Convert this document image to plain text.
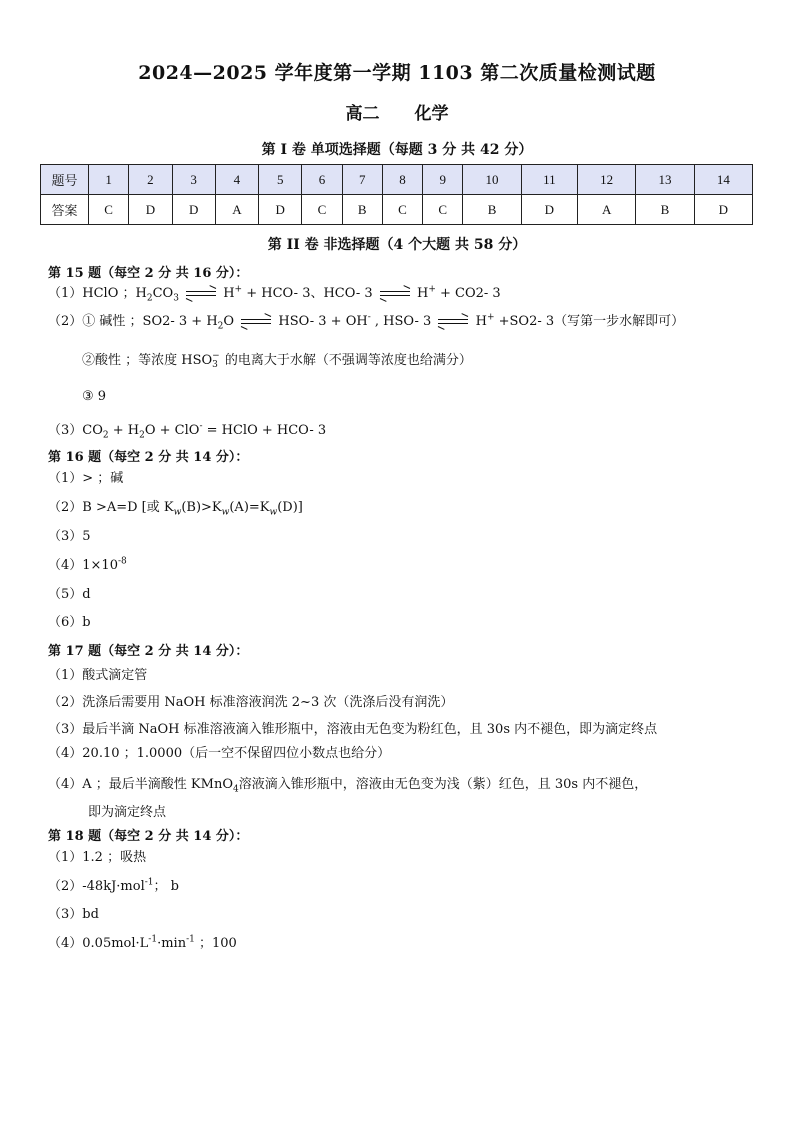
2024—2025 学年度第一学期 1103 第二次质量检测试题
高二　 化学
第 I 卷 单项选择题（每题 3 分 共 42 分）
题号	1	2	3	4	5	6	7	8	9	10	11	12	13	14
答案	C	D	D	A	D	C	B	C	C	B	D	A	B	D
第 II 卷 非选择题（4 个大题 共 58 分）
第 15 题（每空 2 分 共 16 分）：
（1）HClO ；$H_2CO_3$	H+ + HCO- 3、HCO- 3	H+ + CO2- 3
（2）① 碱性 ；SO2- $3 + H_2O$	HSO- 3 + OH- , HSO- 3	H+ +SO2- 3（写第一步水解即可）
②酸性 ；等浓度 HSO −
3 的电离大于水解（不强调等浓度也给满分）
③ 9
$(3)CO_2 + H_2O + ClO^-$ = HClO + HCO- 3
第 16 题（每空 2 分 共 14 分）：
（1）> ；碱
（2）B >A=D [或 $K_w(B)>K_w(A)=K_w(D)$]
（3）5
$(4)1\times 10^{-8}$
（5）d
（6）b
第 17 题（每空 2 分 共 14 分）：
（1）酸式滴定管
（2）洗涤后需要用 NaOH 标准溶液润洗 2~3 次（洗涤后没有润洗）
（3）最后半滴 NaOH 标准溶液滴入锥形瓶中，溶液由无色变为粉红色，且 30s 内不褪色，即为滴定终点
（4）20.10 ；1.0000（后一空不保留四位小数点也给分）
（4）A ；最后半滴酸性 KMnO$_4$溶液滴入锥形瓶中，溶液由无色变为浅（紫）红色，且 30s 内不褪色，
即为滴定终点
第 18 题（每空 2 分 共 14 分）：
（1）1.2 ；吸热
（2）-48kJ·mol$^{-1}$； b
（3）bd
$(4)0.05mol\cdot L^{-1}\cdot\min^{-1}$ ；100
